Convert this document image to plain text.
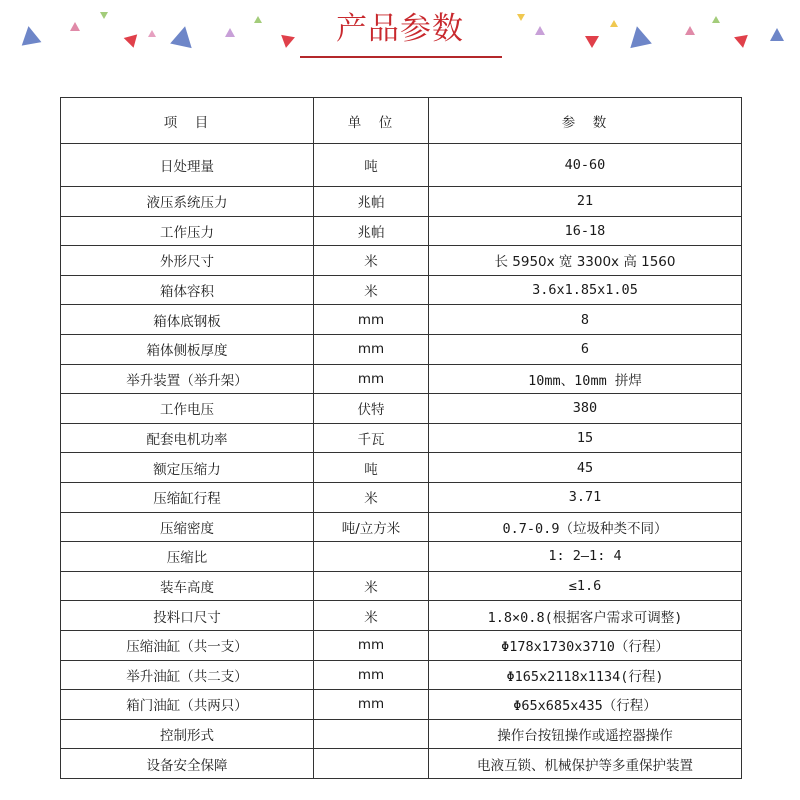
产品参数
项　目	单　位	参　数
日处理量	吨	40-60
液压系统压力	兆帕	21
工作压力	兆帕	16-18
外形尺寸	米	长 5950x 宽 3300x 高 1560
箱体容积	米	3.6x1.85x1.05
箱体底钢板	mm	8
箱体侧板厚度	mm	6
举升装置（举升架）	mm	10mm、10mm 拼焊
工作电压	伏特	380
配套电机功率	千瓦	15
额定压缩力	吨	45
压缩缸行程	米	3.71
压缩密度	吨/立方米	0.7-0.9（垃圾种类不同）
压缩比		1: 2—1: 4
装车高度	米	≤1.6
投料口尺寸	米	1.8×0.8(根据客户需求可调整)
压缩油缸（共一支）	mm	Φ178x1730x3710（行程）
举升油缸（共二支）	mm	Φ165x2118x1134(行程)
箱门油缸（共两只）	mm	Φ65x685x435（行程）
控制形式		操作台按钮操作或遥控器操作
设备安全保障		电液互锁、机械保护等多重保护装置
